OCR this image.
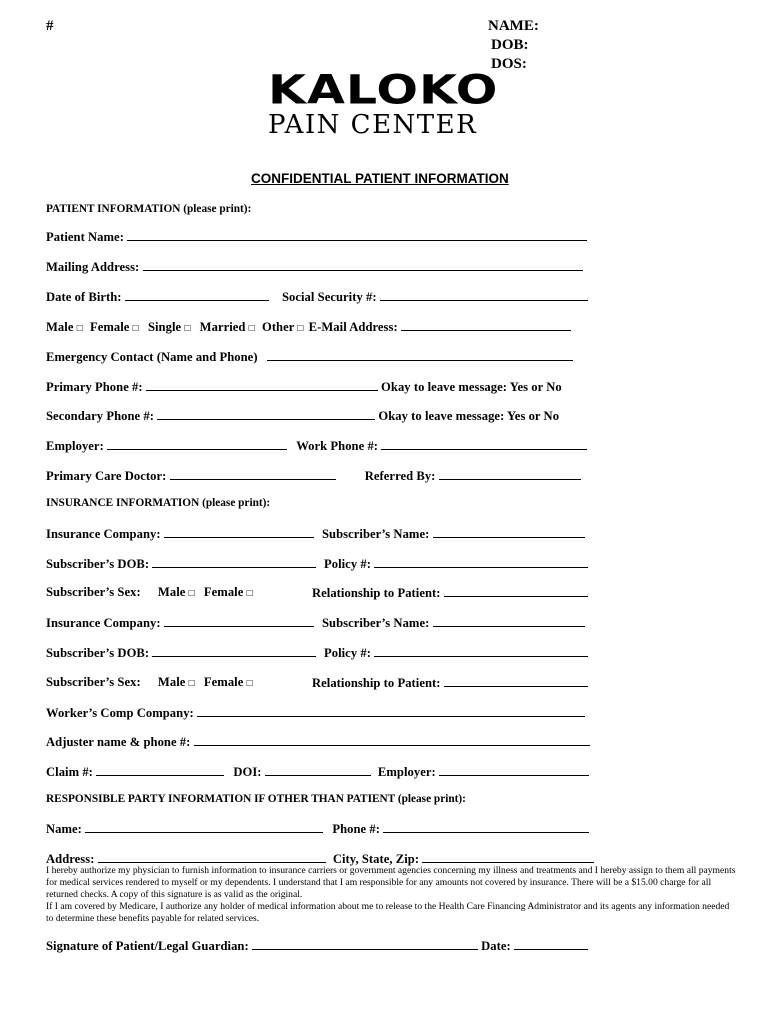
#	NAME:
DOB:
DOS:
KALOKO
PAIN CENTER
CONFIDENTIAL PATIENT INFORMATION
PATIENT INFORMATION (please print):
Patient Name:
Mailing Address:
Date of Birth:	Social Security #:
Male □ Female □ Single □ Married □ Other □ E-Mail Address:
Emergency Contact (Name and Phone)
Primary Phone #:	Okay to leave message: Yes or No
Secondary Phone #:	Okay to leave message: Yes or No
Employer:	Work Phone #:
Primary Care Doctor:	Referred By:
INSURANCE INFORMATION (please print):
Insurance Company:	Subscriber’s Name:
Subscriber’s DOB:	Policy #:
Subscriber’s Sex: Male □ Female □	Relationship to Patient:
Insurance Company:	Subscriber’s Name:
Subscriber’s DOB:	Policy #:
Subscriber’s Sex: Male □ Female □	Relationship to Patient:
Worker’s Comp Company:
Adjuster name & phone #:
Claim #:	DOI:	Employer:
RESPONSIBLE PARTY INFORMATION IF OTHER THAN PATIENT (please print):
Name:	Phone #:
Address:	City, State, Zip:
I hereby authorize my physician to furnish information to insurance carriers or government agencies concerning my illness and treatments and I hereby assign to them all payments for medical services rendered to myself or my dependents. I understand that I am responsible for any amounts not covered by insurance. There will be a $15.00 charge for all returned checks. A copy of this signature is as valid as the original.
If I am covered by Medicare, I authorize any holder of medical information about me to release to the Health Care Financing Administrator and its agents any information needed to determine these benefits payable for related services.
Signature of Patient/Legal Guardian:	Date:
